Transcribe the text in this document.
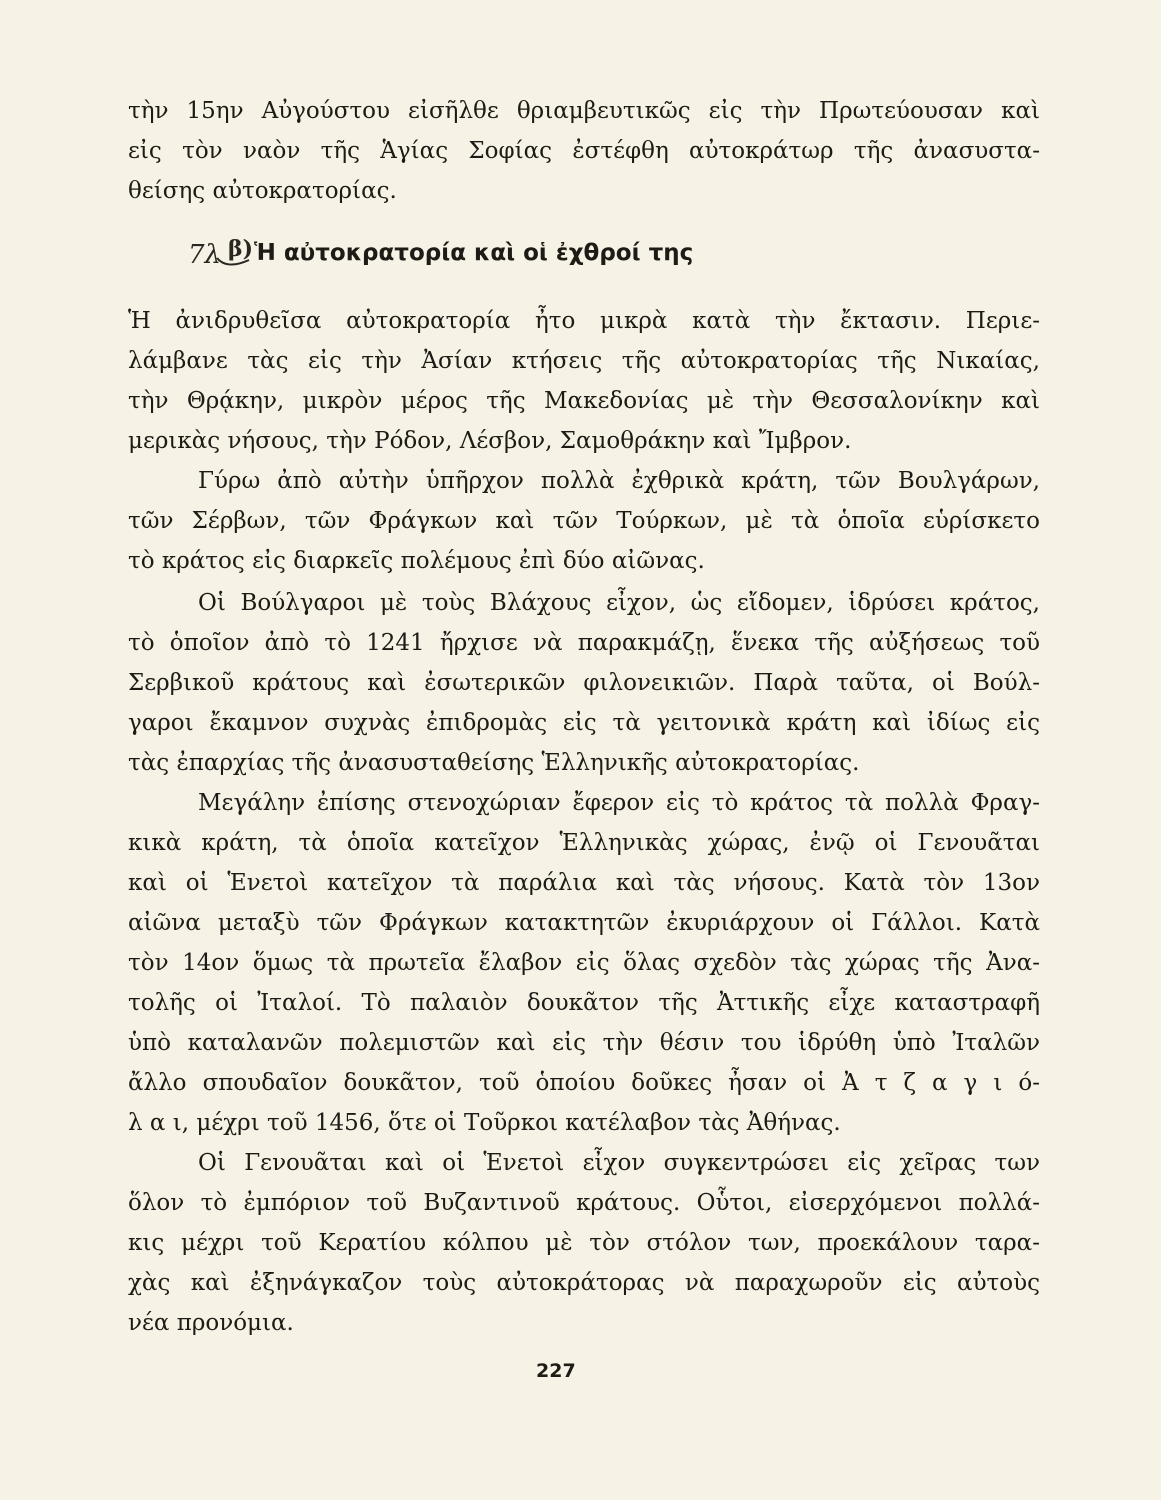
τὴν 15ην Αὐγούστου εἰσῆλθε θριαμβευτικῶς εἰς τὴν Πρωτεύουσαν καὶ
εἰς τὸν ναὸν τῆς Ἁγίας Σοφίας ἐστέφθη αὐτοκράτωρ τῆς ἀνασυστα-
θείσης αὐτοκρατορίας.
7λ β) Ἡ αὐτοκρατορία καὶ οἱ ἐχθροί της
Ἡ ἀνιδρυθεῖσα αὐτοκρατορία ἦτο μικρὰ κατὰ τὴν ἔκτασιν. Περιε-
λάμβανε τὰς εἰς τὴν Ἀσίαν κτήσεις τῆς αὐτοκρατορίας τῆς Νικαίας,
τὴν Θρᾴκην, μικρὸν μέρος τῆς Μακεδονίας μὲ τὴν Θεσσαλονίκην καὶ
μερικὰς νήσους, τὴν Ρόδον, Λέσβον, Σαμοθράκην καὶ Ἴμβρον.
Γύρω ἀπὸ αὐτὴν ὑπῆρχον πολλὰ ἐχθρικὰ κράτη, τῶν Βουλγάρων,
τῶν Σέρβων, τῶν Φράγκων καὶ τῶν Τούρκων, μὲ τὰ ὁποῖα εὑρίσκετο
τὸ κράτος εἰς διαρκεῖς πολέμους ἐπὶ δύο αἰῶνας.
Οἱ Βούλγαροι μὲ τοὺς Βλάχους εἶχον, ὡς εἴδομεν, ἱδρύσει κράτος,
τὸ ὁποῖον ἀπὸ τὸ 1241 ἤρχισε νὰ παρακμάζῃ, ἕνεκα τῆς αὐξήσεως τοῦ
Σερβικοῦ κράτους καὶ ἐσωτερικῶν φιλονεικιῶν. Παρὰ ταῦτα, οἱ Βούλ-
γαροι ἔκαμνον συχνὰς ἐπιδρομὰς εἰς τὰ γειτονικὰ κράτη καὶ ἰδίως εἰς
τὰς ἐπαρχίας τῆς ἀνασυσταθείσης Ἑλληνικῆς αὐτοκρατορίας.
Μεγάλην ἐπίσης στενοχώριαν ἔφερον εἰς τὸ κράτος τὰ πολλὰ Φραγ-
κικὰ κράτη, τὰ ὁποῖα κατεῖχον Ἑλληνικὰς χώρας, ἐνῷ οἱ Γενουᾶται
καὶ οἱ Ἑνετοὶ κατεῖχον τὰ παράλια καὶ τὰς νήσους. Κατὰ τὸν 13ον
αἰῶνα μεταξὺ τῶν Φράγκων κατακτητῶν ἐκυριάρχουν οἱ Γάλλοι. Κατὰ
τὸν 14ον ὅμως τὰ πρωτεῖα ἔλαβον εἰς ὅλας σχεδὸν τὰς χώρας τῆς Ἀνα-
τολῆς οἱ Ἰταλοί. Τὸ παλαιὸν δουκᾶτον τῆς Ἀττικῆς εἶχε καταστραφῆ
ὑπὸ καταλανῶν πολεμιστῶν καὶ εἰς τὴν θέσιν του ἱδρύθη ὑπὸ Ἰταλῶν
ἄλλο σπουδαῖον δουκᾶτον, τοῦ ὁποίου δοῦκες ἦσαν οἱ Ἀ τ ζ α γ ι ό-
λ α ι, μέχρι τοῦ 1456, ὅτε οἱ Τοῦρκοι κατέλαβον τὰς Ἀθήνας.
Οἱ Γενουᾶται καὶ οἱ Ἑνετοὶ εἶχον συγκεντρώσει εἰς χεῖρας των
ὅλον τὸ ἐμπόριον τοῦ Βυζαντινοῦ κράτους. Οὗτοι, εἰσερχόμενοι πολλά-
κις μέχρι τοῦ Κερατίου κόλπου μὲ τὸν στόλον των, προεκάλουν ταρα-
χὰς καὶ ἐξηνάγκαζον τοὺς αὐτοκράτορας νὰ παραχωροῦν εἰς αὐτοὺς
νέα προνόμια.
227
